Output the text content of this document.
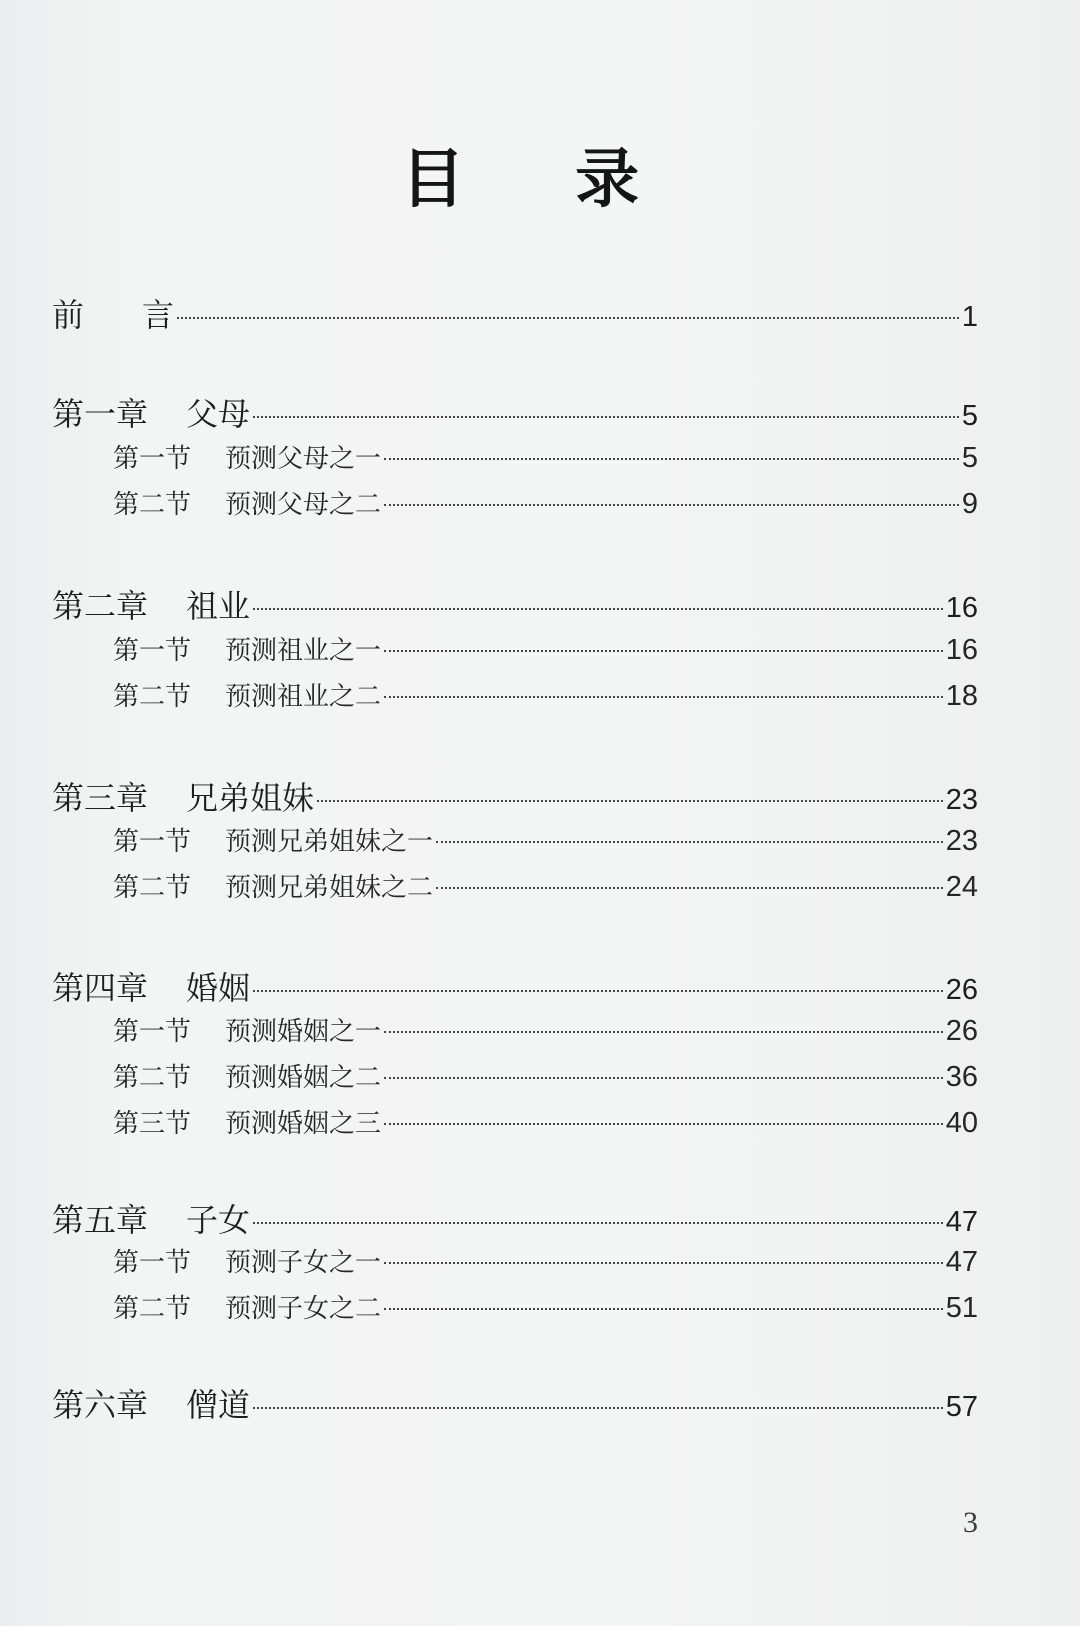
目 录
前 言	1
第一章 父母	5
第一节 预测父母之一	5
第二节 预测父母之二	9
第二章 祖业	16
第一节 预测祖业之一	16
第二节 预测祖业之二	18
第三章 兄弟姐妹	23
第一节 预测兄弟姐妹之一	23
第二节 预测兄弟姐妹之二	24
第四章 婚姻	26
第一节 预测婚姻之一	26
第二节 预测婚姻之二	36
第三节 预测婚姻之三	40
第五章 子女	47
第一节 预测子女之一	47
第二节 预测子女之二	51
第六章 僧道	57
3
